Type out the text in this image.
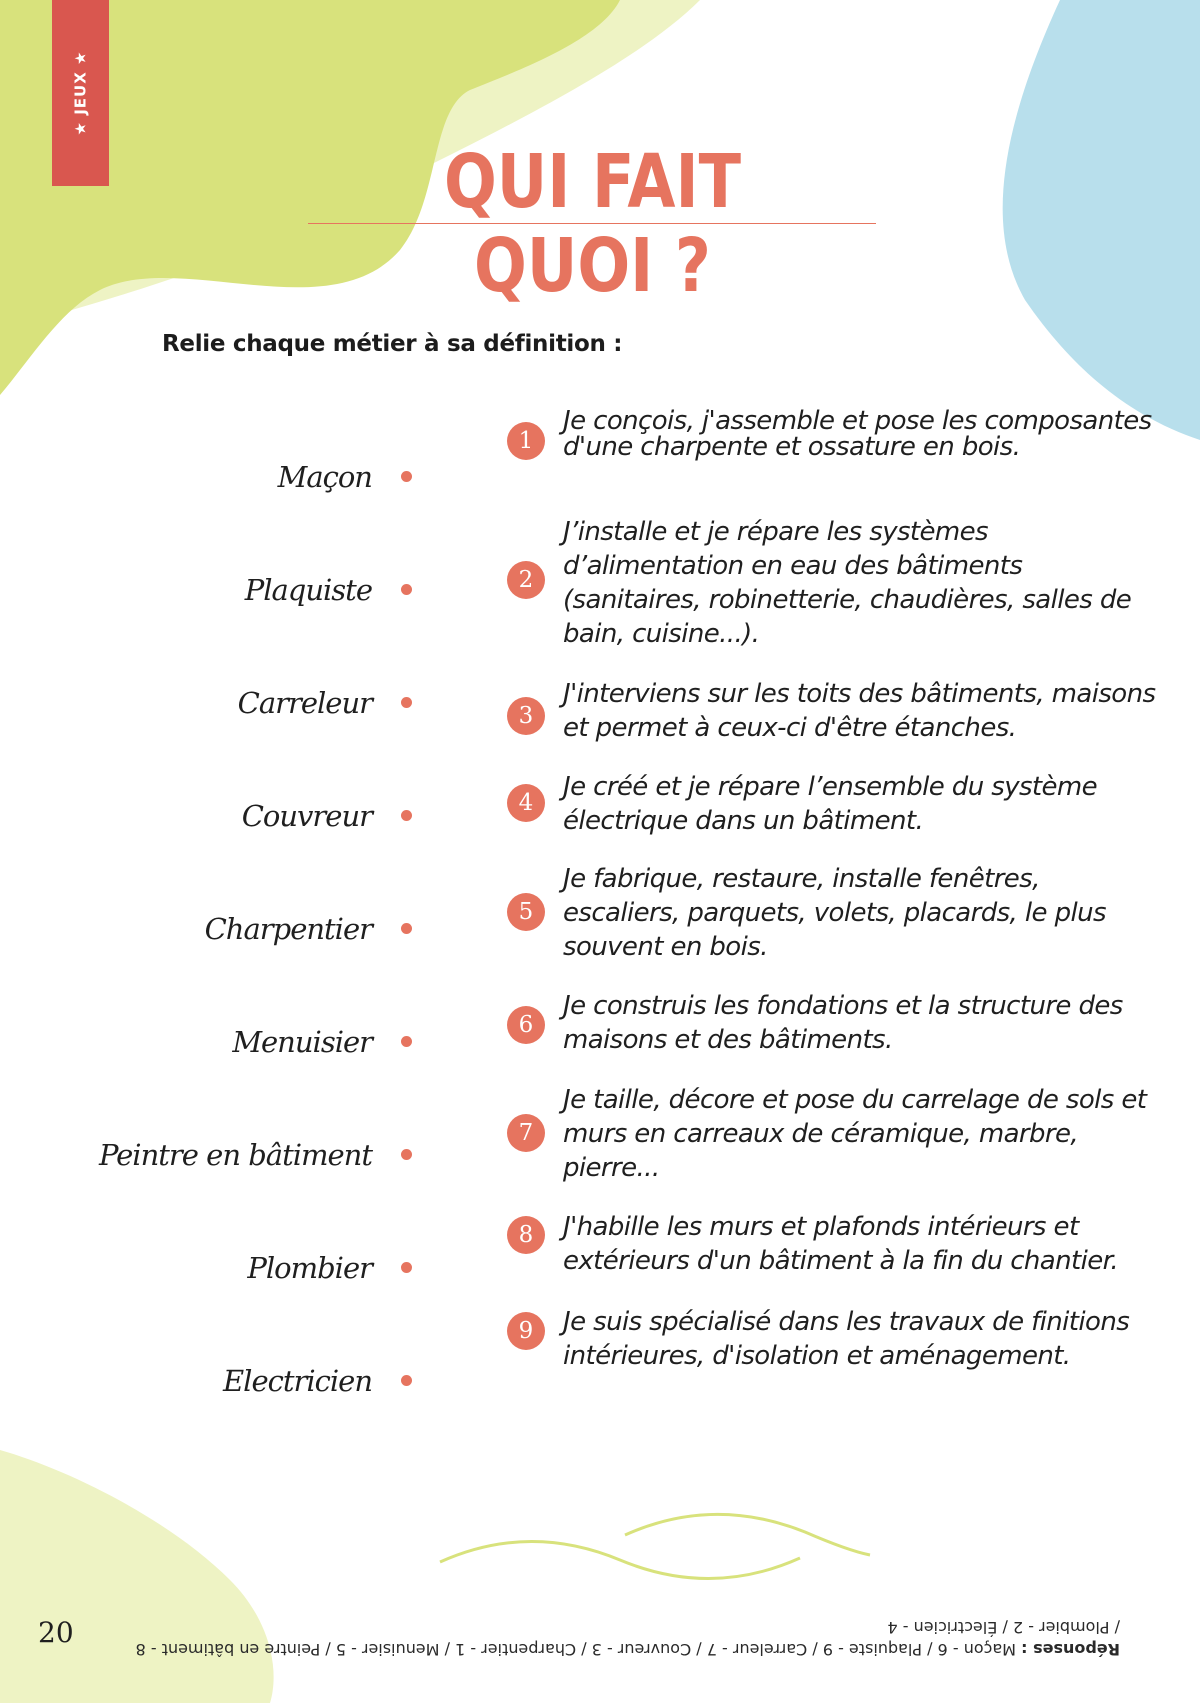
★ JEUX ★
QUI FAIT QUOI ?
Relie chaque métier à sa définition :
Maçon
Plaquiste
Carreleur
Couvreur
Charpentier
Menuisier
Peintre en bâtiment
Plombier
Electricien
1

Je conçois, j'assemble et pose les composantes d'une charpente et ossature en bois.

2

J’installe et je répare les systèmes d’alimentation en eau des bâtiments (sanitaires, robinetterie, chaudières, salles de bain, cuisine...).

3

J'interviens sur les toits des bâtiments, maisons et permet à ceux-ci d'être étanches.

4

Je créé et je répare l’ensemble du système électrique dans un bâtiment.

5

Je fabrique, restaure, installe fenêtres, escaliers, parquets, volets, placards, le plus souvent en bois.

6

Je construis les fondations et la structure des maisons et des bâtiments.

7

Je taille, décore et pose du carrelage de sols et murs en carreaux de céramique, marbre, pierre...

8	J'habille les murs et plafonds intérieurs et extérieurs d'un bâtiment à la fin du chantier.

9	Je suis spécialisé dans les travaux de finitions intérieures, d'isolation et aménagement.

20
Réponses : Maçon - 6 / Plaquiste - 9 / Carreleur - 7 / Couvreur - 3 / Charpentier - 1 / Menuisier - 5 / Peintre en bâtiment - 8 / Plombier - 2 / Électricien - 4
